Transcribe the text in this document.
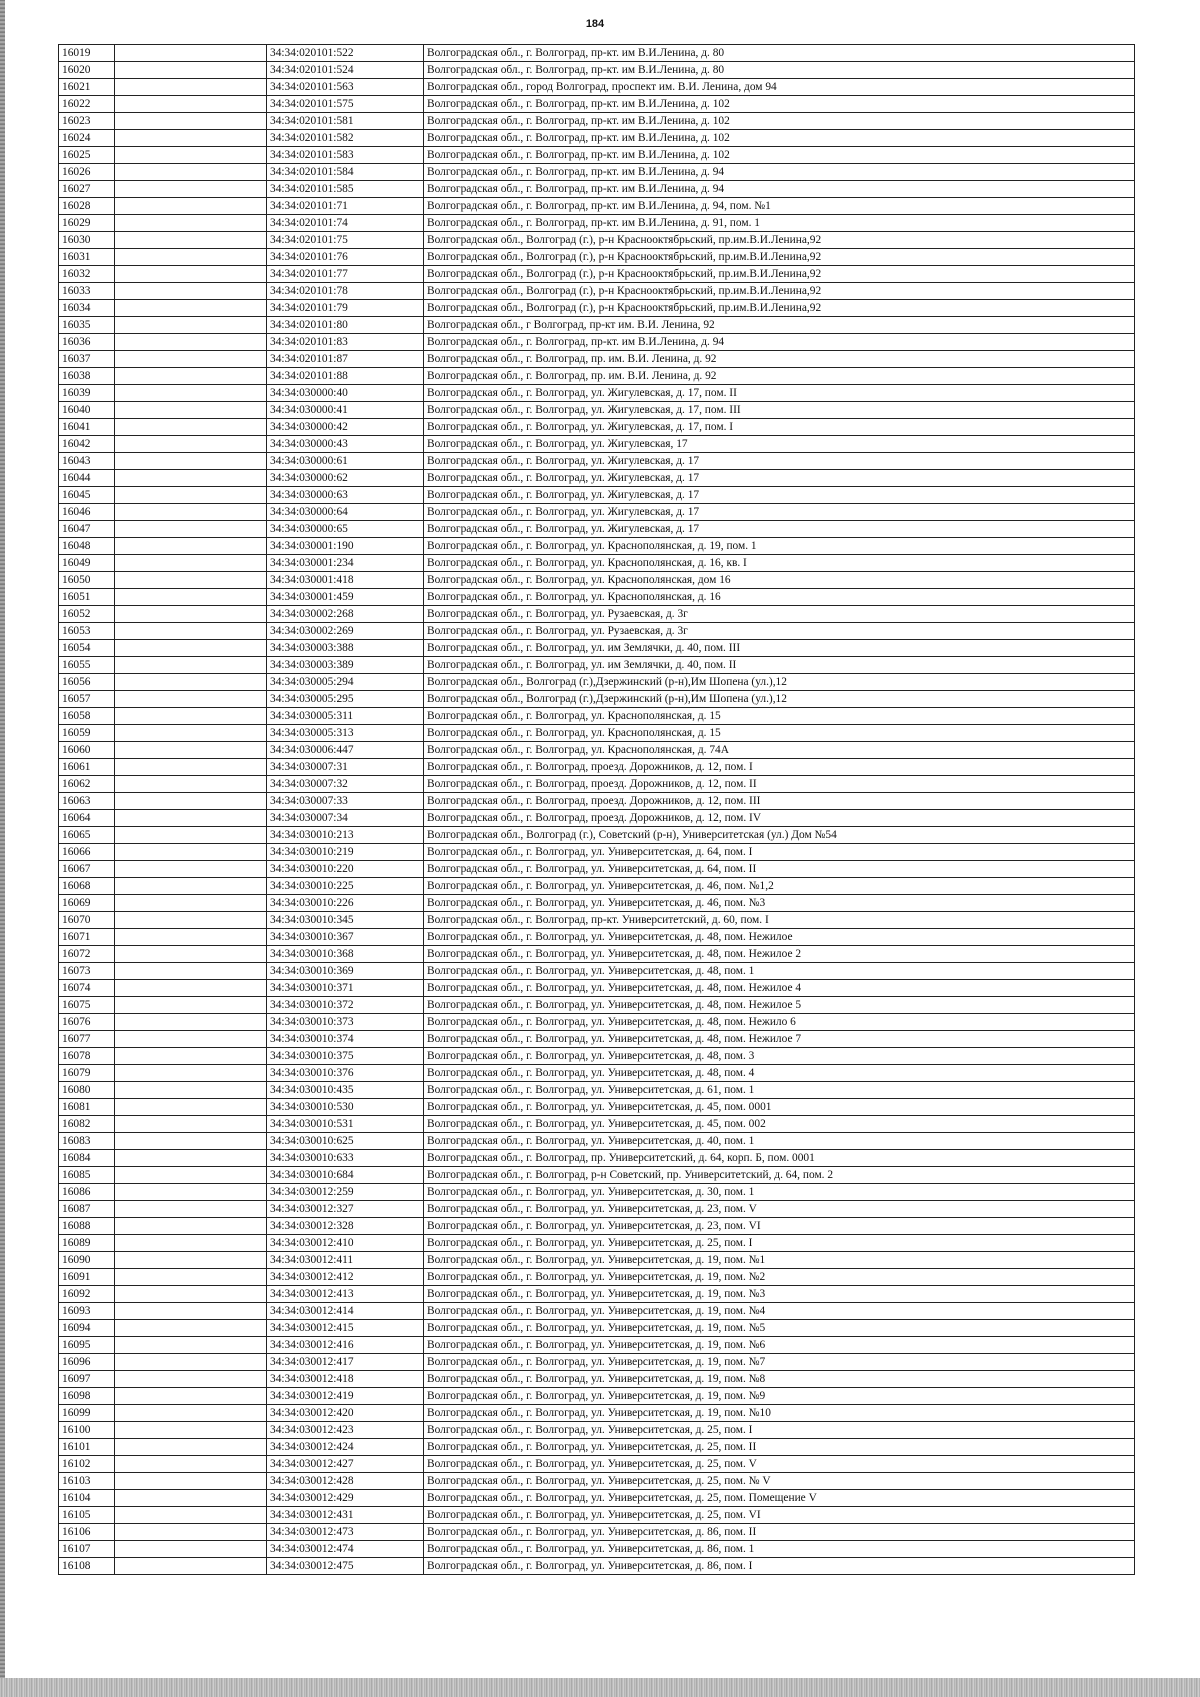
184
16019		34:34:020101:522	Волгоградская обл., г. Волгоград, пр-кт. им В.И.Ленина, д. 80
16020		34:34:020101:524	Волгоградская обл., г. Волгоград, пр-кт. им В.И.Ленина, д. 80
16021		34:34:020101:563	Волгоградская обл., город Волгоград, проспект им. В.И. Ленина, дом 94
16022		34:34:020101:575	Волгоградская обл., г. Волгоград, пр-кт. им В.И.Ленина, д. 102
16023		34:34:020101:581	Волгоградская обл., г. Волгоград, пр-кт. им В.И.Ленина, д. 102
16024		34:34:020101:582	Волгоградская обл., г. Волгоград, пр-кт. им В.И.Ленина, д. 102
16025		34:34:020101:583	Волгоградская обл., г. Волгоград, пр-кт. им В.И.Ленина, д. 102
16026		34:34:020101:584	Волгоградская обл., г. Волгоград, пр-кт. им В.И.Ленина, д. 94
16027		34:34:020101:585	Волгоградская обл., г. Волгоград, пр-кт. им В.И.Ленина, д. 94
16028		34:34:020101:71	Волгоградская обл., г. Волгоград, пр-кт. им В.И.Ленина, д. 94, пом. №1
16029		34:34:020101:74	Волгоградская обл., г. Волгоград, пр-кт. им В.И.Ленина, д. 91, пом. 1
16030		34:34:020101:75	Волгоградская обл., Волгоград (г.), р-н Краснооктябрьский, пр.им.В.И.Ленина,92
16031		34:34:020101:76	Волгоградская обл., Волгоград (г.), р-н Краснооктябрьский, пр.им.В.И.Ленина,92
16032		34:34:020101:77	Волгоградская обл., Волгоград (г.), р-н Краснооктябрьский, пр.им.В.И.Ленина,92
16033		34:34:020101:78	Волгоградская обл., Волгоград (г.), р-н Краснооктябрьский, пр.им.В.И.Ленина,92
16034		34:34:020101:79	Волгоградская обл., Волгоград (г.), р-н Краснооктябрьский, пр.им.В.И.Ленина,92
16035		34:34:020101:80	Волгоградская обл., г Волгоград, пр-кт им. В.И. Ленина, 92
16036		34:34:020101:83	Волгоградская обл., г. Волгоград, пр-кт. им В.И.Ленина, д. 94
16037		34:34:020101:87	Волгоградская обл., г. Волгоград, пр. им. В.И. Ленина, д. 92
16038		34:34:020101:88	Волгоградская обл., г. Волгоград, пр. им. В.И. Ленина, д. 92
16039		34:34:030000:40	Волгоградская обл., г. Волгоград, ул. Жигулевская, д. 17, пом. II
16040		34:34:030000:41	Волгоградская обл., г. Волгоград, ул. Жигулевская, д. 17, пом. III
16041		34:34:030000:42	Волгоградская обл., г. Волгоград, ул. Жигулевская, д. 17, пом. I
16042		34:34:030000:43	Волгоградская обл., г. Волгоград, ул. Жигулевская, 17
16043		34:34:030000:61	Волгоградская обл., г. Волгоград, ул. Жигулевская, д. 17
16044		34:34:030000:62	Волгоградская обл., г. Волгоград, ул. Жигулевская, д. 17
16045		34:34:030000:63	Волгоградская обл., г. Волгоград, ул. Жигулевская, д. 17
16046		34:34:030000:64	Волгоградская обл., г. Волгоград, ул. Жигулевская, д. 17
16047		34:34:030000:65	Волгоградская обл., г. Волгоград, ул. Жигулевская, д. 17
16048		34:34:030001:190	Волгоградская обл., г. Волгоград, ул. Краснополянская, д. 19, пом. 1
16049		34:34:030001:234	Волгоградская обл., г. Волгоград, ул. Краснополянская, д. 16, кв. I
16050		34:34:030001:418	Волгоградская обл., г. Волгоград, ул. Краснополянская, дом 16
16051		34:34:030001:459	Волгоградская обл., г. Волгоград, ул. Краснополянская, д. 16
16052		34:34:030002:268	Волгоградская обл., г. Волгоград, ул. Рузаевская, д. 3г
16053		34:34:030002:269	Волгоградская обл., г. Волгоград, ул. Рузаевская, д. 3г
16054		34:34:030003:388	Волгоградская обл., г. Волгоград, ул. им Землячки, д. 40, пом. III
16055		34:34:030003:389	Волгоградская обл., г. Волгоград, ул. им Землячки, д. 40, пом. II
16056		34:34:030005:294	Волгоградская обл., Волгоград (г.),Дзержинский (р-н),Им Шопена (ул.),12
16057		34:34:030005:295	Волгоградская обл., Волгоград (г.),Дзержинский (р-н),Им Шопена (ул.),12
16058		34:34:030005:311	Волгоградская обл., г. Волгоград, ул. Краснополянская, д. 15
16059		34:34:030005:313	Волгоградская обл., г. Волгоград, ул. Краснополянская, д. 15
16060		34:34:030006:447	Волгоградская обл., г. Волгоград, ул. Краснополянская, д. 74А
16061		34:34:030007:31	Волгоградская обл., г. Волгоград, проезд. Дорожников, д. 12, пом. I
16062		34:34:030007:32	Волгоградская обл., г. Волгоград, проезд. Дорожников, д. 12, пом. II
16063		34:34:030007:33	Волгоградская обл., г. Волгоград, проезд. Дорожников, д. 12, пом. III
16064		34:34:030007:34	Волгоградская обл., г. Волгоград, проезд. Дорожников, д. 12, пом. IV
16065		34:34:030010:213	Волгоградская обл., Волгоград (г.), Советский (р-н), Университетская (ул.) Дом №54
16066		34:34:030010:219	Волгоградская обл., г. Волгоград, ул. Университетская, д. 64, пом. I
16067		34:34:030010:220	Волгоградская обл., г. Волгоград, ул. Университетская, д. 64, пом. II
16068		34:34:030010:225	Волгоградская обл., г. Волгоград, ул. Университетская, д. 46, пом. №1,2
16069		34:34:030010:226	Волгоградская обл., г. Волгоград, ул. Университетская, д. 46, пом. №3
16070		34:34:030010:345	Волгоградская обл., г. Волгоград, пр-кт. Университетский, д. 60, пом. I
16071		34:34:030010:367	Волгоградская обл., г. Волгоград, ул. Университетская, д. 48, пом. Нежилое
16072		34:34:030010:368	Волгоградская обл., г. Волгоград, ул. Университетская, д. 48, пом. Нежилое 2
16073		34:34:030010:369	Волгоградская обл., г. Волгоград, ул. Университетская, д. 48, пом. 1
16074		34:34:030010:371	Волгоградская обл., г. Волгоград, ул. Университетская, д. 48, пом. Нежилое 4
16075		34:34:030010:372	Волгоградская обл., г. Волгоград, ул. Университетская, д. 48, пом. Нежилое 5
16076		34:34:030010:373	Волгоградская обл., г. Волгоград, ул. Университетская, д. 48, пом. Нежило 6
16077		34:34:030010:374	Волгоградская обл., г. Волгоград, ул. Университетская, д. 48, пом. Нежилое 7
16078		34:34:030010:375	Волгоградская обл., г. Волгоград, ул. Университетская, д. 48, пом. 3
16079		34:34:030010:376	Волгоградская обл., г. Волгоград, ул. Университетская, д. 48, пом. 4
16080		34:34:030010:435	Волгоградская обл., г. Волгоград, ул. Университетская, д. 61, пом. 1
16081		34:34:030010:530	Волгоградская обл., г. Волгоград, ул. Университетская, д. 45, пом. 0001
16082		34:34:030010:531	Волгоградская обл., г. Волгоград, ул. Университетская, д. 45, пом. 002
16083		34:34:030010:625	Волгоградская обл., г. Волгоград, ул. Университетская, д. 40, пом. 1
16084		34:34:030010:633	Волгоградская обл., г. Волгоград, пр. Университетский, д. 64, корп. Б, пом. 0001
16085		34:34:030010:684	Волгоградская обл., г. Волгоград, р-н Советский, пр. Университетский, д. 64, пом. 2
16086		34:34:030012:259	Волгоградская обл., г. Волгоград, ул. Университетская, д. 30, пом. 1
16087		34:34:030012:327	Волгоградская обл., г. Волгоград, ул. Университетская, д. 23, пом. V
16088		34:34:030012:328	Волгоградская обл., г. Волгоград, ул. Университетская, д. 23, пом. VI
16089		34:34:030012:410	Волгоградская обл., г. Волгоград, ул. Университетская, д. 25, пом. I
16090		34:34:030012:411	Волгоградская обл., г. Волгоград, ул. Университетская, д. 19, пом. №1
16091		34:34:030012:412	Волгоградская обл., г. Волгоград, ул. Университетская, д. 19, пом. №2
16092		34:34:030012:413	Волгоградская обл., г. Волгоград, ул. Университетская, д. 19, пом. №3
16093		34:34:030012:414	Волгоградская обл., г. Волгоград, ул. Университетская, д. 19, пом. №4
16094		34:34:030012:415	Волгоградская обл., г. Волгоград, ул. Университетская, д. 19, пом. №5
16095		34:34:030012:416	Волгоградская обл., г. Волгоград, ул. Университетская, д. 19, пом. №6
16096		34:34:030012:417	Волгоградская обл., г. Волгоград, ул. Университетская, д. 19, пом. №7
16097		34:34:030012:418	Волгоградская обл., г. Волгоград, ул. Университетская, д. 19, пом. №8
16098		34:34:030012:419	Волгоградская обл., г. Волгоград, ул. Университетская, д. 19, пом. №9
16099		34:34:030012:420	Волгоградская обл., г. Волгоград, ул. Университетская, д. 19, пом. №10
16100		34:34:030012:423	Волгоградская обл., г. Волгоград, ул. Университетская, д. 25, пом. I
16101		34:34:030012:424	Волгоградская обл., г. Волгоград, ул. Университетская, д. 25, пом. II
16102		34:34:030012:427	Волгоградская обл., г. Волгоград, ул. Университетская, д. 25, пом. V
16103		34:34:030012:428	Волгоградская обл., г. Волгоград, ул. Университетская, д. 25, пом. № V
16104		34:34:030012:429	Волгоградская обл., г. Волгоград, ул. Университетская, д. 25, пом. Помещение V
16105		34:34:030012:431	Волгоградская обл., г. Волгоград, ул. Университетская, д. 25, пом. VI
16106		34:34:030012:473	Волгоградская обл., г. Волгоград, ул. Университетская, д. 86, пом. II
16107		34:34:030012:474	Волгоградская обл., г. Волгоград, ул. Университетская, д. 86, пом. 1
16108		34:34:030012:475	Волгоградская обл., г. Волгоград, ул. Университетская, д. 86, пом. I
